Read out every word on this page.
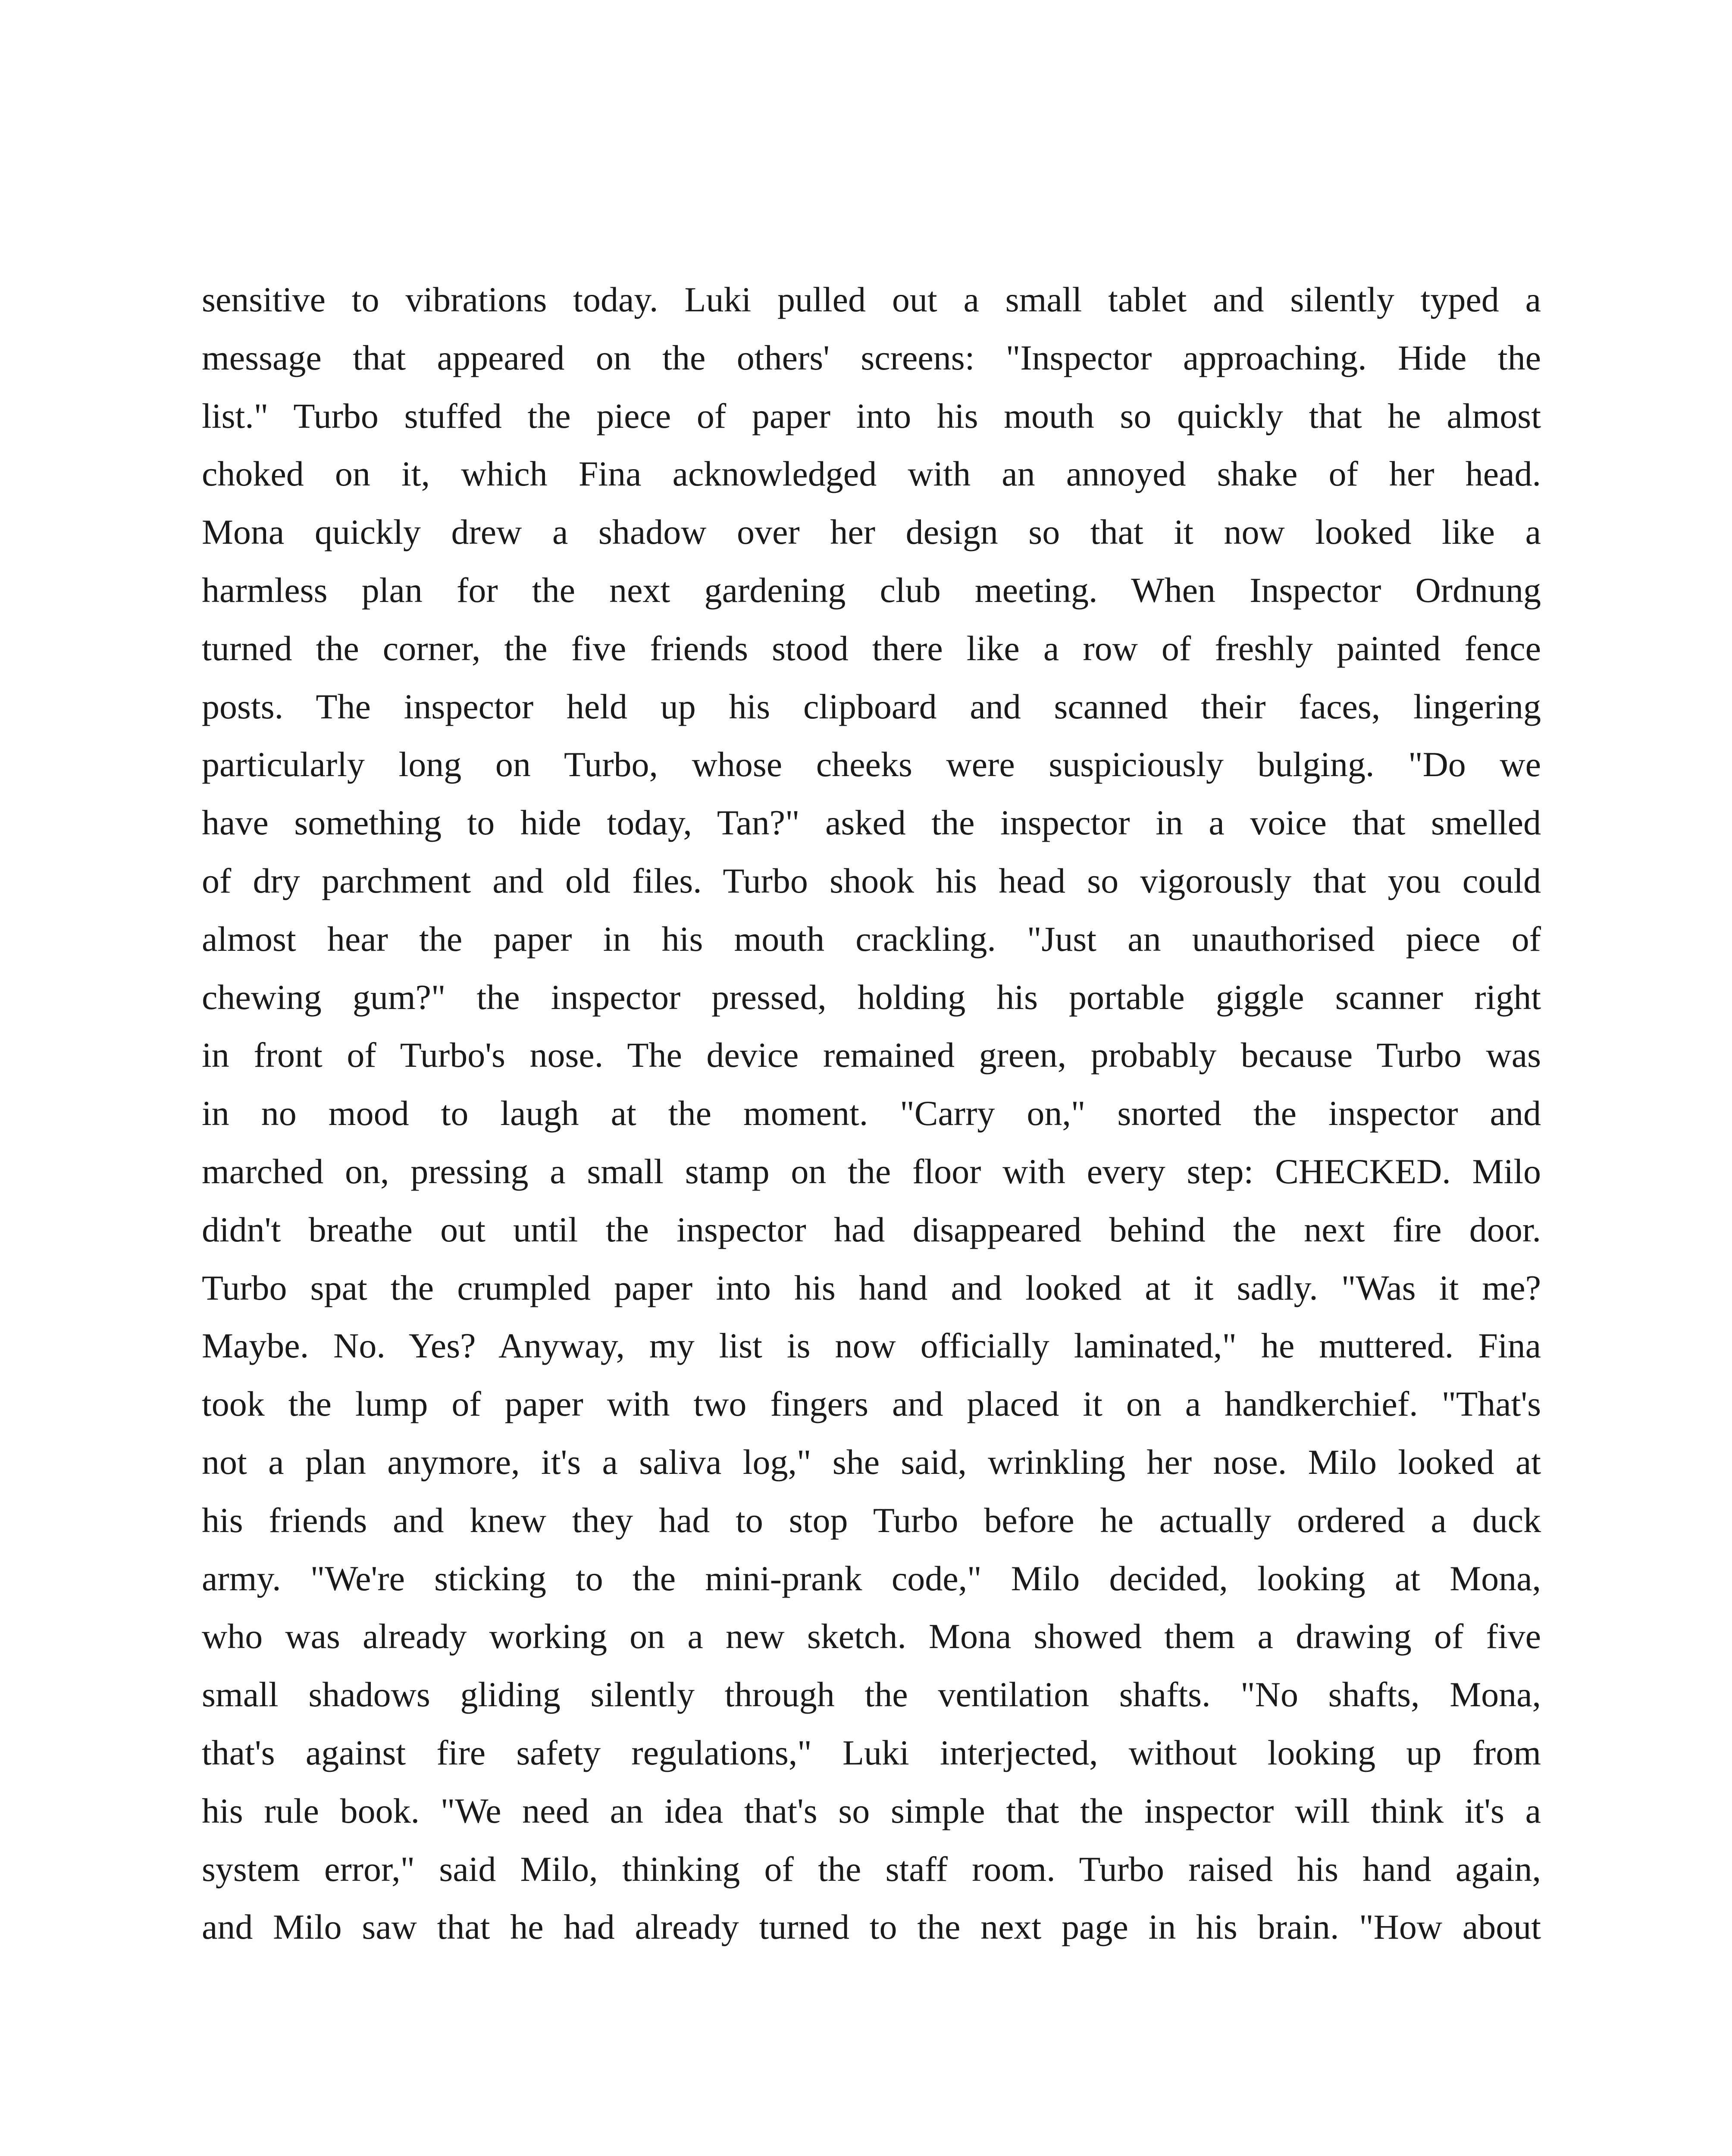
sensitive to vibrations today. Luki pulled out a small tablet and silently typed a
message that appeared on the others' screens: "Inspector approaching. Hide the
list." Turbo stuffed the piece of paper into his mouth so quickly that he almost
choked on it, which Fina acknowledged with an annoyed shake of her head.
Mona quickly drew a shadow over her design so that it now looked like a
harmless plan for the next gardening club meeting. When Inspector Ordnung
turned the corner, the five friends stood there like a row of freshly painted fence
posts. The inspector held up his clipboard and scanned their faces, lingering
particularly long on Turbo, whose cheeks were suspiciously bulging. "Do we
have something to hide today, Tan?" asked the inspector in a voice that smelled
of dry parchment and old files. Turbo shook his head so vigorously that you could
almost hear the paper in his mouth crackling. "Just an unauthorised piece of
chewing gum?" the inspector pressed, holding his portable giggle scanner right
in front of Turbo's nose. The device remained green, probably because Turbo was
in no mood to laugh at the moment. "Carry on," snorted the inspector and
marched on, pressing a small stamp on the floor with every step: CHECKED. Milo
didn't breathe out until the inspector had disappeared behind the next fire door.
Turbo spat the crumpled paper into his hand and looked at it sadly. "Was it me?
Maybe. No. Yes? Anyway, my list is now officially laminated," he muttered. Fina
took the lump of paper with two fingers and placed it on a handkerchief. "That's
not a plan anymore, it's a saliva log," she said, wrinkling her nose. Milo looked at
his friends and knew they had to stop Turbo before he actually ordered a duck
army. "We're sticking to the mini-prank code," Milo decided, looking at Mona,
who was already working on a new sketch. Mona showed them a drawing of five
small shadows gliding silently through the ventilation shafts. "No shafts, Mona,
that's against fire safety regulations," Luki interjected, without looking up from
his rule book. "We need an idea that's so simple that the inspector will think it's a
system error," said Milo, thinking of the staff room. Turbo raised his hand again,
and Milo saw that he had already turned to the next page in his brain. "How about
